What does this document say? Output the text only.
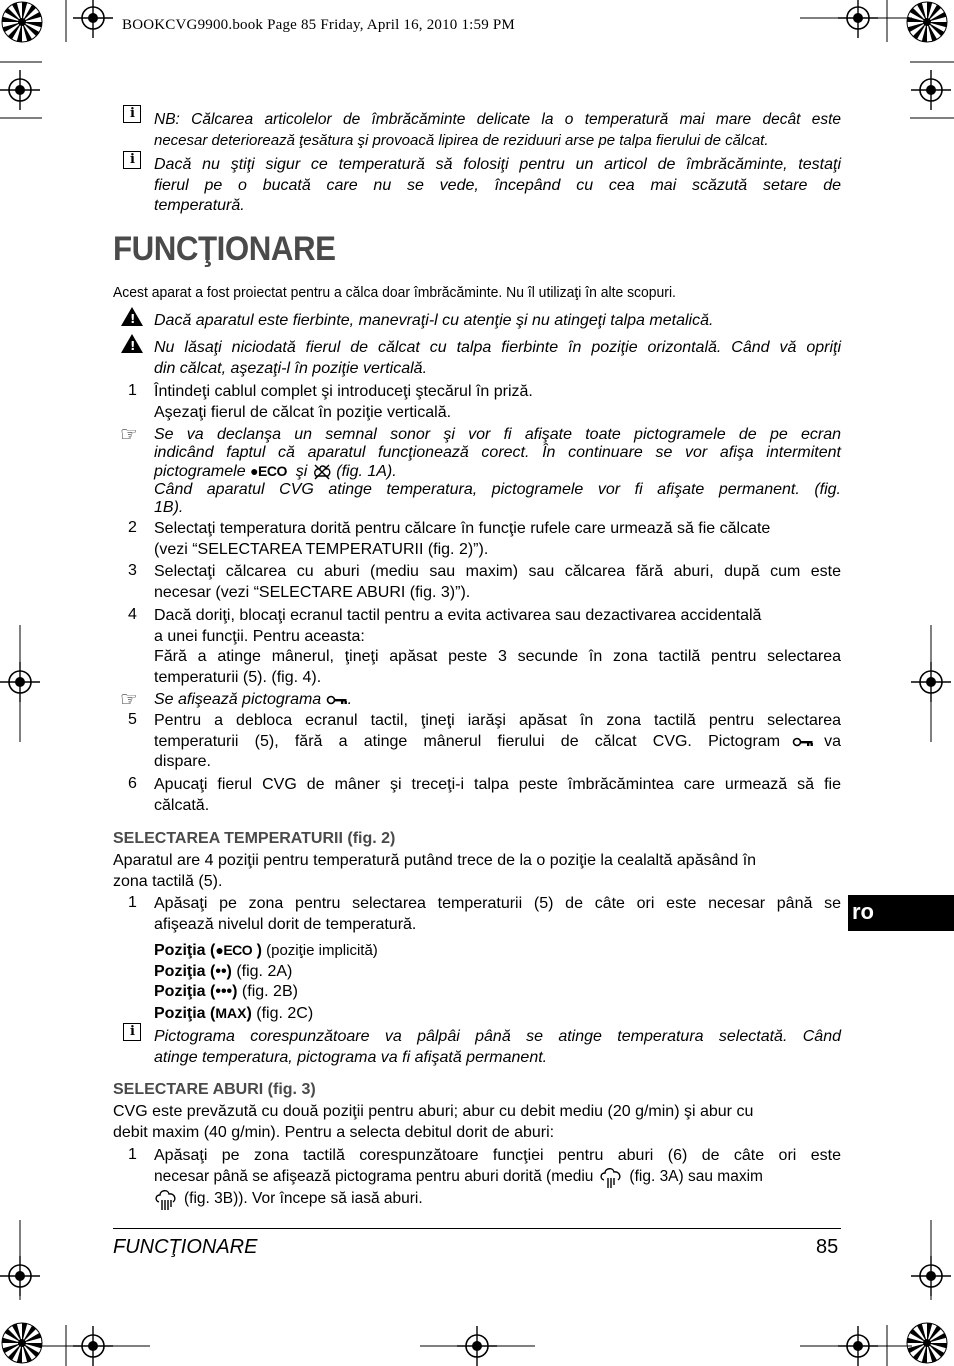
BOOKCVG9900.book Page 85 Friday, April 16, 2010 1:59 PM
i NB: Călcarea articolelor de îmbrăcăminte delicate la o temperatură mai mare decât este
necesar deteriorează ţesătura şi provoacă lipirea de reziduuri arse pe talpa fierului de călcat.
i Dacă nu ştiţi sigur ce temperatură să folosiţi pentru un articol de îmbrăcăminte, testaţi
fierul pe o bucată care nu se vede, începând cu cea mai scăzută setare de
temperatură.
FUNCŢIONARE
Acest aparat a fost proiectat pentru a călca doar îmbrăcăminte. Nu îl utilizaţi în alte scopuri.
!
Dacă aparatul este fierbinte, manevraţi-l cu atenţie şi nu atingeţi talpa metalică.
!
Nu lăsaţi niciodată fierul de călcat cu talpa fierbinte în poziţie orizontală. Când vă opriţi
din călcat, aşezaţi-l în poziţie verticală.
1 Întindeţi cablul complet şi introduceţi ştecărul în priză.
Aşezaţi fierul de călcat în poziţie verticală.
☞ Se va declanşa un semnal sonor şi vor fi afişate toate pictogramele de pe ecran
indicând faptul că aparatul funcţionează corect. În continuare se vor afişa intermitent
pictogramele ●ECO şi (fig. 1A).
Când aparatul CVG atinge temperatura, pictogramele vor fi afişate permanent. (fig.
1B).
2 Selectaţi temperatura dorită pentru călcare în funcţie rufele care urmează să fie călcate
(vezi “SELECTAREA TEMPERATURII (fig. 2)”).
3 Selectaţi călcarea cu aburi (mediu sau maxim) sau călcarea fără aburi, după cum este
necesar (vezi “SELECTARE ABURI (fig. 3)”).
4 Dacă doriţi, blocaţi ecranul tactil pentru a evita activarea sau dezactivarea accidentală
a unei funcţii. Pentru aceasta:
Fără a atinge mânerul, ţineţi apăsat peste 3 secunde în zona tactilă pentru selectarea
temperaturii (5). (fig. 4).
☞ Se afişează pictograma .
5 Pentru a debloca ecranul tactil, ţineţi iarăşi apăsat în zona tactilă pentru selectarea
temperaturii (5), fără a atinge mânerul fierului de călcat CVG. Pictogram	va
dispare.
6 Apucaţi fierul CVG de mâner şi treceţi-i talpa peste îmbrăcămintea care urmează să fie
călcată.
SELECTAREA TEMPERATURII (fig. 2)
Aparatul are 4 poziţii pentru temperatură putând trece de la o poziţie la cealaltă apăsând în
zona tactilă (5).
1 Apăsaţi pe zona pentru selectarea temperaturii (5) de câte ori este necesar până se
afişează nivelul dorit de temperatură.
Poziţia (●ECO ) (poziţie implicită)
Poziţia (••) (fig. 2A)
Poziţia (•••) (fig. 2B)
Poziţia (MAX) (fig. 2C)
i Pictograma corespunzătoare va pâlpâi până se atinge temperatura selectată. Când
atinge temperatura, pictograma va fi afişată permanent.
SELECTARE ABURI (fig. 3)
CVG este prevăzută cu două poziţii pentru aburi; abur cu debit mediu (20 g/min) şi abur cu
debit maxim (40 g/min). Pentru a selecta debitul dorit de aburi:
1 Apăsaţi pe zona tactilă corespunzătoare funcţiei pentru aburi (6) de câte ori este
necesar până se afişează pictograma pentru aburi dorită (mediu (fig. 3A) sau maxim
(fig. 3B)). Vor începe să iasă aburi.
ro
FUNCŢIONARE	85
